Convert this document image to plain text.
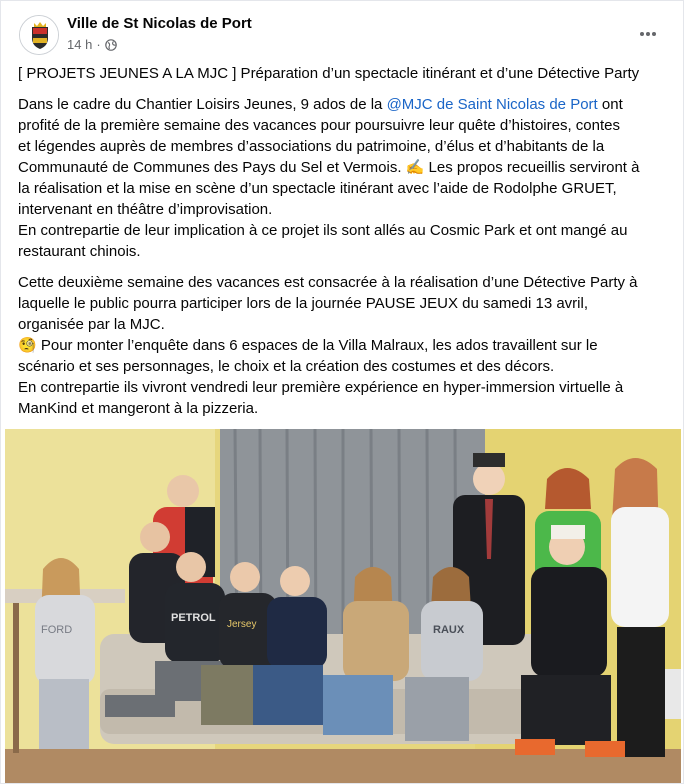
Ville de St Nicolas de Port
14 h ·

[ PROJETS JEUNES A LA MJC ] Préparation d’un spectacle itinérant et d’une Détective Party

Dans le cadre du Chantier Loisirs Jeunes, 9 ados de la @MJC de Saint Nicolas de Port ont
profité de la première semaine des vacances pour poursuivre leur quête d’histoires, contes
et légendes auprès de membres d’associations du patrimoine, d’élus et d’habitants de la
Communauté de Communes des Pays du Sel et Vermois. ✍️ Les propos recueillis serviront à
la réalisation et la mise en scène d’un spectacle itinérant avec l’aide de Rodolphe GRUET,
intervenant en théâtre d’improvisation.
En contrepartie de leur implication à ce projet ils sont allés au Cosmic Park et ont mangé au
restaurant chinois.

Cette deuxième semaine des vacances est consacrée à la réalisation d’une Détective Party à
laquelle le public pourra participer lors de la journée PAUSE JEUX du samedi 13 avril,
organisée par la MJC.
🧐 Pour monter l’enquête dans 6 espaces de la Villa Malraux, les ados travaillent sur le
scénario et ses personnages, le choix et la création des costumes et des décors.
En contrepartie ils vivront vendredi leur première expérience en hyper-immersion virtuelle à
ManKind et mangeront à la pizzeria.

PETROL
Jersey	RAUX
FORD
